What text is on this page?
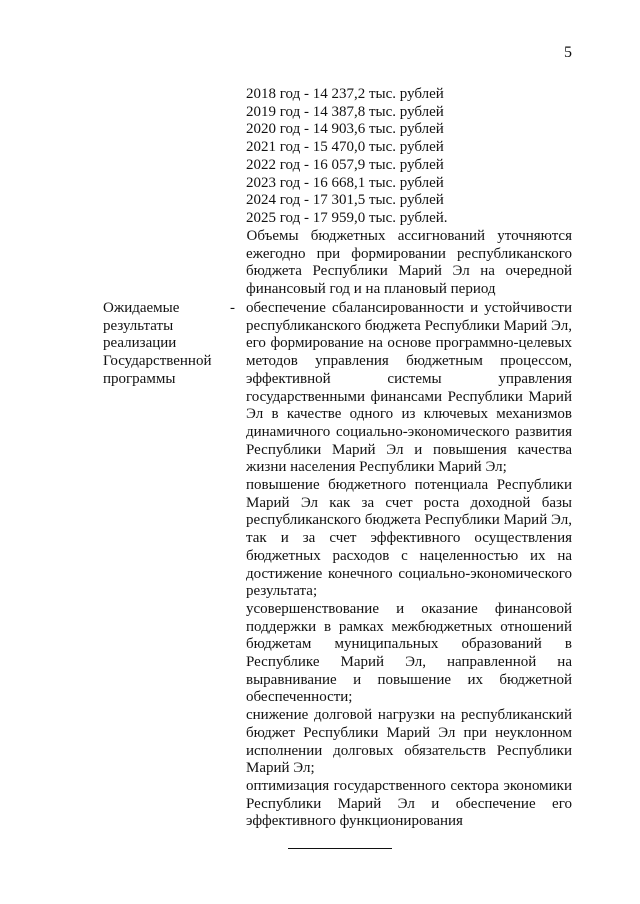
5
2018 год - 14 237,2 тыс. рублей
2019 год - 14 387,8 тыс. рублей
2020 год - 14 903,6 тыс. рублей
2021 год - 15 470,0 тыс. рублей
2022 год - 16 057,9 тыс. рублей
2023 год - 16 668,1 тыс. рублей
2024 год - 17 301,5 тыс. рублей
2025 год - 17 959,0 тыс. рублей.
Объемы бюджетных ассигнований уточняются ежегодно при формировании республиканского бюджета Республики Марий Эл на очередной финансовый год и на плановый период
Ожидаемые результаты реализации Государственной программы
- обеспечение сбалансированности и устойчивости республиканского бюджета Республики Марий Эл, его формирование на основе программно-целевых методов управления бюджетным процессом, эффективной системы управления государственными финансами Республики Марий Эл в качестве одного из ключевых механизмов динамичного социально-экономического развития Республики Марий Эл и повышения качества жизни населения Республики Марий Эл;
повышение бюджетного потенциала Республики Марий Эл как за счет роста доходной базы республиканского бюджета Республики Марий Эл, так и за счет эффективного осуществления бюджетных расходов с нацеленностью их на достижение конечного социально-экономического результата;
усовершенствование и оказание финансовой поддержки в рамках межбюджетных отношений бюджетам муниципальных образований в Республике Марий Эл, направленной на выравнивание и повышение их бюджетной обеспеченности;
снижение долговой нагрузки на республиканский бюджет Республики Марий Эл при неуклонном исполнении долговых обязательств Республики Марий Эл;
оптимизация государственного сектора экономики Республики Марий Эл и обеспечение его эффективного функционирования
